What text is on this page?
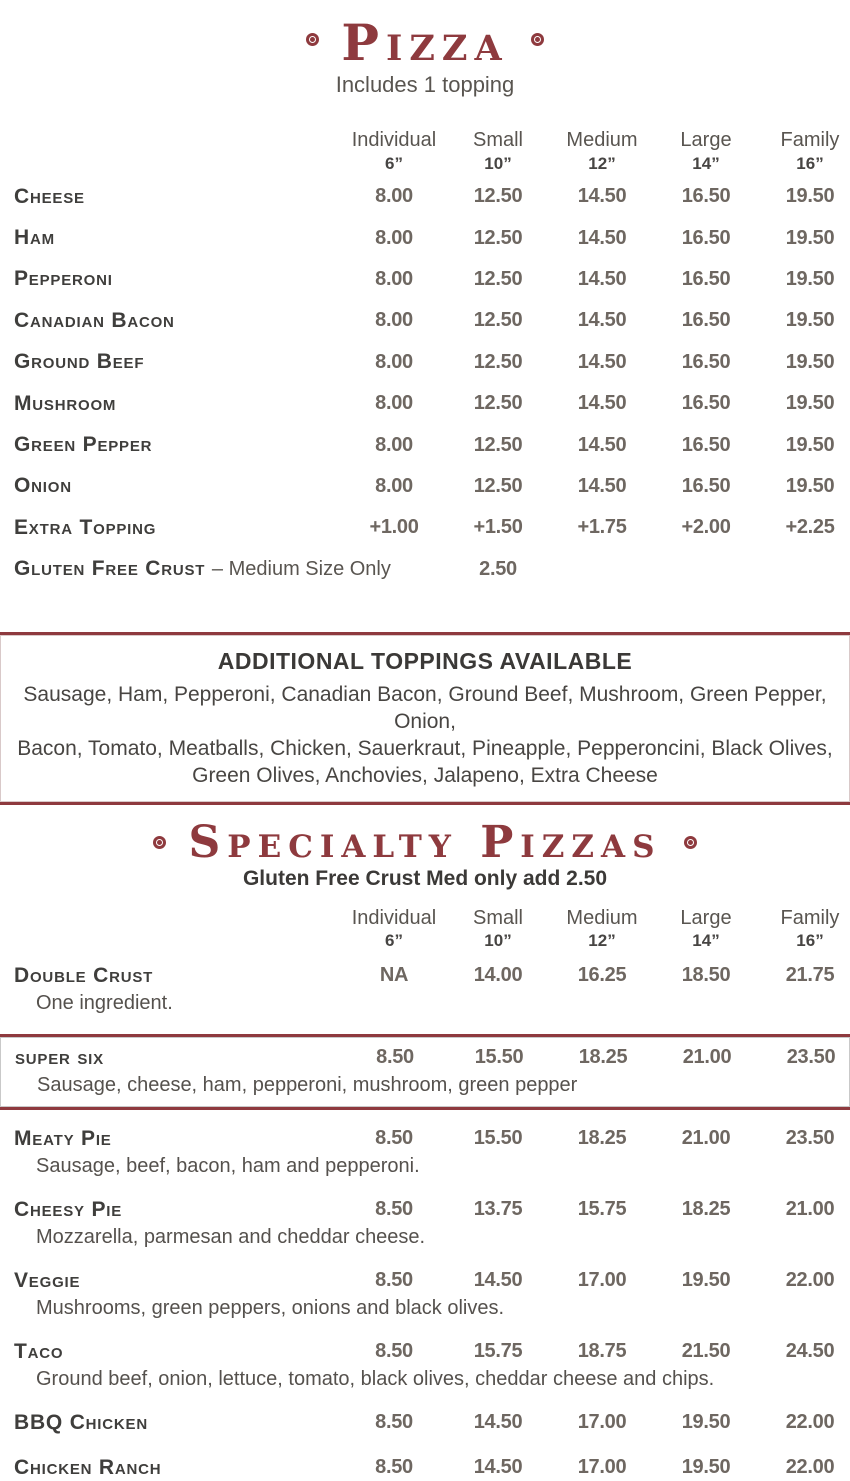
Pizza
Includes 1 topping
Individual	Small	Medium	Large	Family
6”	10”	12”	14”	16”
Cheese	8.00	12.50	14.50	16.50	19.50
Ham	8.00	12.50	14.50	16.50	19.50
Pepperoni	8.00	12.50	14.50	16.50	19.50
Canadian Bacon	8.00	12.50	14.50	16.50	19.50
Ground Beef	8.00	12.50	14.50	16.50	19.50
Mushroom	8.00	12.50	14.50	16.50	19.50
Green Pepper	8.00	12.50	14.50	16.50	19.50
Onion	8.00	12.50	14.50	16.50	19.50
Extra Topping	+1.00	+1.50	+1.75	+2.00	+2.25
Gluten Free Crust – Medium Size Only	2.50
ADDITIONAL TOPPINGS AVAILABLE
Sausage, Ham, Pepperoni, Canadian Bacon, Ground Beef, Mushroom, Green Pepper, Onion,
Bacon, Tomato, Meatballs, Chicken, Sauerkraut, Pineapple, Pepperoncini, Black Olives,
Green Olives, Anchovies, Jalapeno, Extra Cheese
Specialty Pizzas
Gluten Free Crust Med only add 2.50
Individual	Small	Medium	Large	Family
6”	10”	12”	14”	16”
Double Crust	NA	14.00	16.25	18.50	21.75
One ingredient.
super six	8.50	15.50	18.25	21.00	23.50
Sausage, cheese, ham, pepperoni, mushroom, green pepper
Meaty Pie	8.50	15.50	18.25	21.00	23.50
Sausage, beef, bacon, ham and pepperoni.
Cheesy Pie	8.50	13.75	15.75	18.25	21.00
Mozzarella, parmesan and cheddar cheese.
Veggie	8.50	14.50	17.00	19.50	22.00
Mushrooms, green peppers, onions and black olives.
Taco	8.50	15.75	18.75	21.50	24.50
Ground beef, onion, lettuce, tomato, black olives, cheddar cheese and chips.
BBQ Chicken	8.50	14.50	17.00	19.50	22.00
Chicken Ranch	8.50	14.50	17.00	19.50	22.00
